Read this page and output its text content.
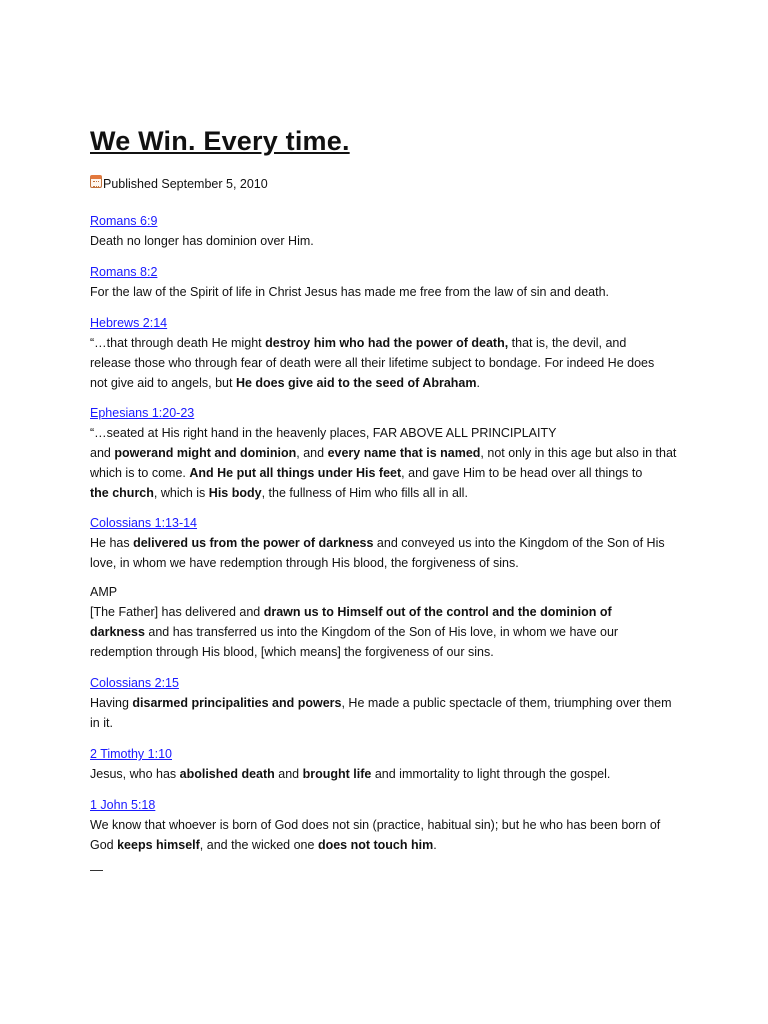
We Win. Every time.
Published September 5, 2010
Romans 6:9
Death no longer has dominion over Him.
Romans 8:2
For the law of the Spirit of life in Christ Jesus has made me free from the law of sin and death.
Hebrews 2:14
“…that through death He might destroy him who had the power of death, that is, the devil, and
release those who through fear of death were all their lifetime subject to bondage. For indeed He does
not give aid to angels, but He does give aid to the seed of Abraham.
Ephesians 1:20-23
“…seated at His right hand in the heavenly places, FAR ABOVE ALL PRINCIPLAITY
and powerand might and dominion, and every name that is named, not only in this age but also in that
which is to come. And He put all things under His feet, and gave Him to be head over all things to
the church, which is His body, the fullness of Him who fills all in all.
Colossians 1:13-14
He has delivered us from the power of darkness and conveyed us into the Kingdom of the Son of His
love, in whom we have redemption through His blood, the forgiveness of sins.
AMP
[The Father] has delivered and drawn us to Himself out of the control and the dominion of
darkness and has transferred us into the Kingdom of the Son of His love, in whom we have our
redemption through His blood, [which means] the forgiveness of our sins.
Colossians 2:15
Having disarmed principalities and powers, He made a public spectacle of them, triumphing over them
in it.
2 Timothy 1:10
Jesus, who has abolished death and brought life and immortality to light through the gospel.
1 John 5:18
We know that whoever is born of God does not sin (practice, habitual sin); but he who has been born of
God keeps himself, and the wicked one does not touch him.
—
